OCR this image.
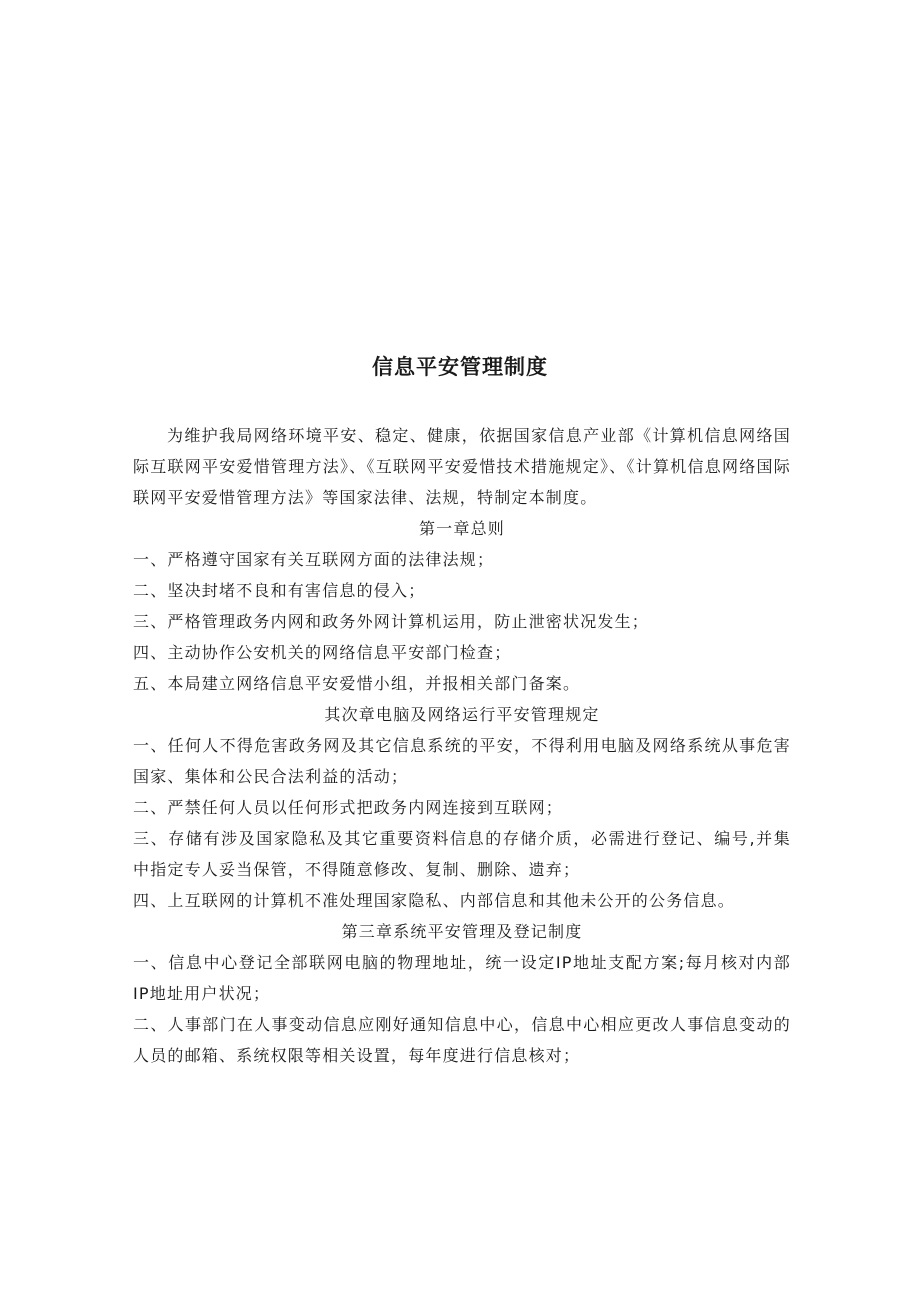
信息平安管理制度

为维护我局网络环境平安、稳定、健康，依据国家信息产业部《计算机信息网络国际互联网平安爱惜管理方法》、《互联网平安爱惜技术措施规定》、《计算机信息网络国际联网平安爱惜管理方法》等国家法律、法规，特制定本制度。

第一章总则

一、严格遵守国家有关互联网方面的法律法规；

二、坚决封堵不良和有害信息的侵入；

三、严格管理政务内网和政务外网计算机运用，防止泄密状况发生；

四、主动协作公安机关的网络信息平安部门检查；

五、本局建立网络信息平安爱惜小组，并报相关部门备案。

其次章电脑及网络运行平安管理规定

一、任何人不得危害政务网及其它信息系统的平安，不得利用电脑及网络系统从事危害国家、集体和公民合法利益的活动；

二、严禁任何人员以任何形式把政务内网连接到互联网；

三、存储有涉及国家隐私及其它重要资料信息的存储介质，必需进行登记、编号,并集中指定专人妥当保管，不得随意修改、复制、删除、遗弃；

四、上互联网的计算机不准处理国家隐私、内部信息和其他未公开的公务信息。

第三章系统平安管理及登记制度

一、信息中心登记全部联网电脑的物理地址，统一设定IP地址支配方案;每月核对内部IP地址用户状况；

二、人事部门在人事变动信息应刚好通知信息中心，信息中心相应更改人事信息变动的人员的邮箱、系统权限等相关设置，每年度进行信息核对；
